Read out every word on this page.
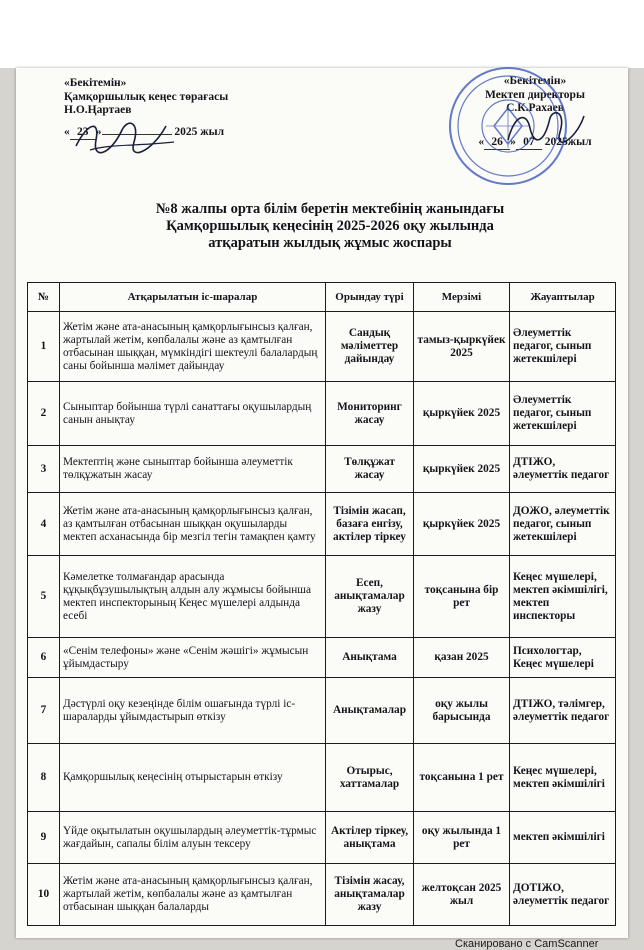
«Бекітемін»
Қамқоршылық кеңес төрағасы
Н.О.Ңартаев
« 23 »	2025 жыл
«Бекітемін»
Мектеп директоры
С.К.Рахаев
« 26 » 07 2025жыл
№8 жалпы орта білім беретін мектебінің жанындағы
Қамқоршылық кеңесінің 2025-2026 оқу жылында
атқаратын жылдық жұмыс жоспары
№	Атқарылатын іс-шаралар	Орындау түрі	Мерзімі	Жауаптылар
1	Жетім және ата-анасының қамқорлығынсыз қалған, жартылай жетім, көпбалалы және аз қамтылған отбасынан шыққан, мүмкіндігі шектеулі балалардың саны бойынша мәлімет дайындау	Сандық мәліметтер дайындау	тамыз-қыркүйек 2025	Әлеуметтік педагог, сынып жетекшілері
2	Сыныптар бойынша түрлі санаттағы оқушылардың санын анықтау	Мониторинг жасау	қыркүйек 2025	Әлеуметтік педагог, сынып жетекшілері
3	Мектептің және сыныптар бойынша әлеуметтік төлқұжатын жасау	Төлқұжат жасау	қыркүйек 2025	ДТІЖО, әлеуметтік педагог
4	Жетім және ата-анасының қамқорлығынсыз қалған, аз қамтылған отбасынан шыққан оқушыларды мектеп асханасында бір мезгіл тегін тамақпен қамту	Тізімін жасап, базаға енгізу, актілер тіркеу	қыркүйек 2025	ДОЖО, әлеуметтік педагог, сынып жетекшілері
5	Кәмелетке толмағандар арасында құқықбұзушылықтың алдын алу жұмысы бойынша мектеп инспекторының Кеңес мүшелері алдында есебі	Есеп, анықтамалар жазу	тоқсанына бір рет	Кеңес мүшелері, мектеп әкімшілігі, мектеп инспекторы
6	«Сенім телефоны» және «Сенім жәшігі» жұмысын ұйымдастыру	Анықтама	қазан 2025	Психологтар, Кеңес мүшелері
7	Дәстүрлі оқу кезеңінде білім ошағында түрлі іс-шараларды ұйымдастырып өткізу	Анықтамалар	оқу жылы барысында	ДТІЖО, тәлімгер, әлеуметтік педагог
8	Қамқоршылық кеңесінің отырыстарын өткізу	Отырыс, хаттамалар	тоқсанына 1 рет	Кеңес мүшелері, мектеп әкімшілігі
9	Үйде оқытылатын оқушылардың әлеуметтік-тұрмыс жағдайын, сапалы білім алуын тексеру	Актілер тіркеу, анықтама	оқу жылында 1 рет	мектеп әкімшілігі
10	Жетім және ата-анасының қамқорлығынсыз қалған, жартылай жетім, көпбалалы және аз қамтылған отбасынан шыққан балаларды	Тізімін жасау, анықтамалар жазу	желтоқсан 2025 жыл	ДОТІЖО, әлеуметтік педагог
Сканировано с CamScanner
